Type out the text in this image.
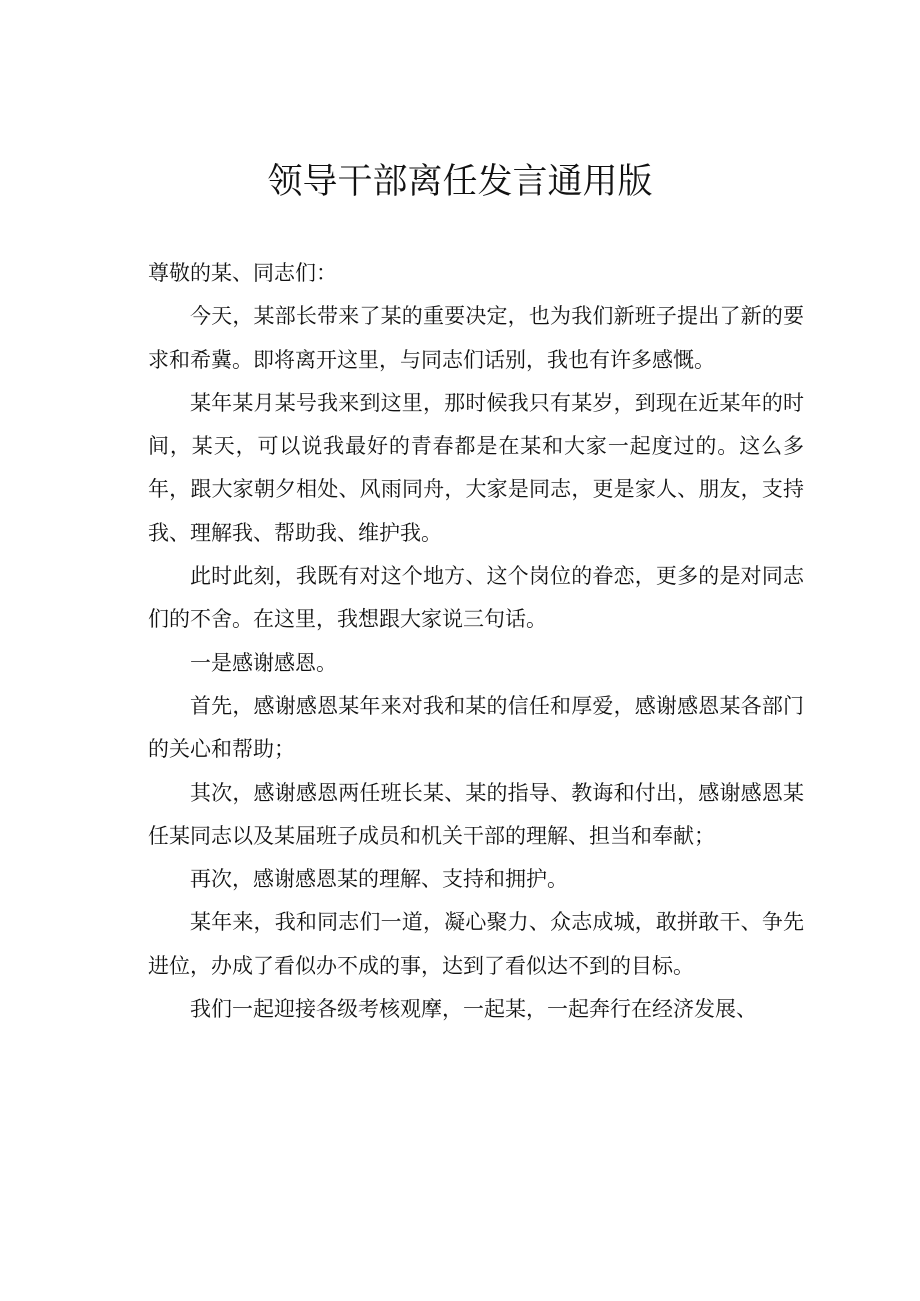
领导干部离任发言通用版

尊敬的某、同志们：

今天，某部长带来了某的重要决定，也为我们新班子提出了新的要求和希冀。即将离开这里，与同志们话别，我也有许多感慨。

某年某月某号我来到这里，那时候我只有某岁，到现在近某年的时间，某天，可以说我最好的青春都是在某和大家一起度过的。这么多年，跟大家朝夕相处、风雨同舟，大家是同志，更是家人、朋友，支持我、理解我、帮助我、维护我。

此时此刻，我既有对这个地方、这个岗位的眷恋，更多的是对同志们的不舍。在这里，我想跟大家说三句话。

一是感谢感恩。

首先，感谢感恩某年来对我和某的信任和厚爱，感谢感恩某各部门的关心和帮助；

其次，感谢感恩两任班长某、某的指导、教诲和付出，感谢感恩某任某同志以及某届班子成员和机关干部的理解、担当和奉献；

再次，感谢感恩某的理解、支持和拥护。

某年来，我和同志们一道，凝心聚力、众志成城，敢拼敢干、争先进位，办成了看似办不成的事，达到了看似达不到的目标。

我们一起迎接各级考核观摩，一起某，一起奔行在经济发展、
